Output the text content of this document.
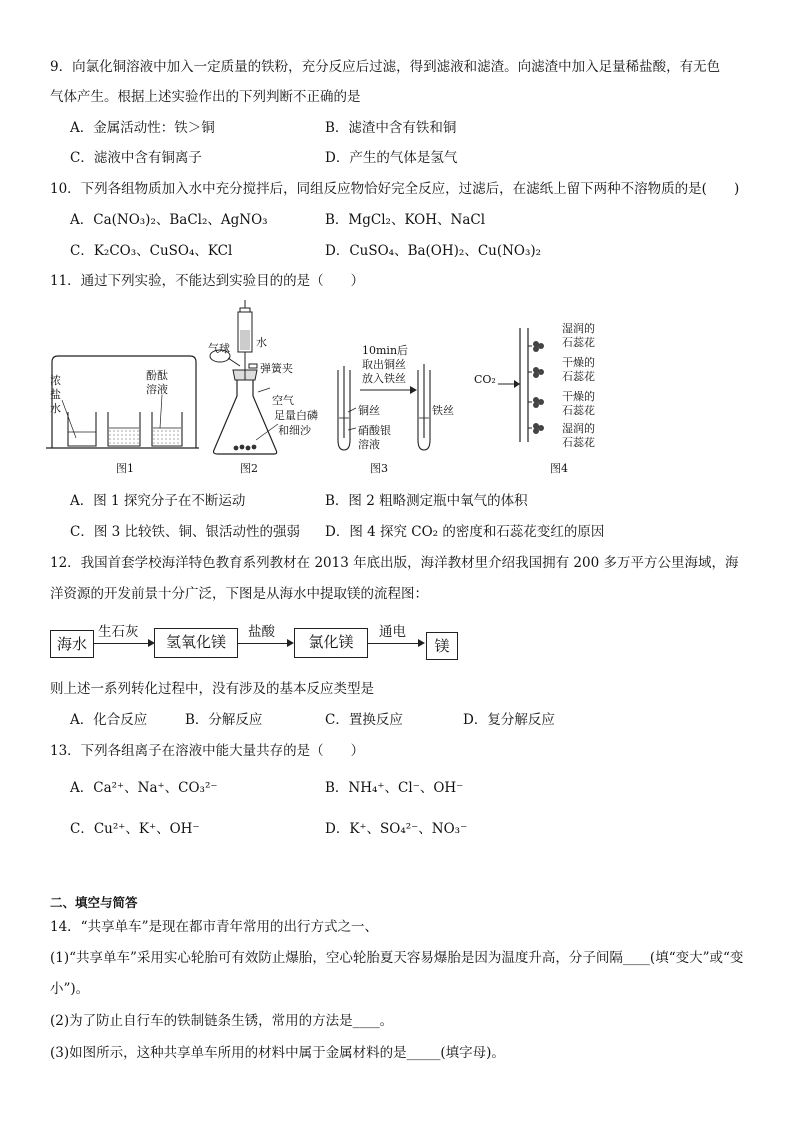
9．向氯化铜溶液中加入一定质量的铁粉，充分反应后过滤，得到滤液和滤渣。向滤渣中加入足量稀盐酸，有无色
气体产生。根据上述实验作出的下列判断不正确的是
A．金属活动性：铁＞铜	B．滤渣中含有铁和铜
C．滤液中含有铜离子	D．产生的气体是氢气
10．下列各组物质加入水中充分搅拌后，同组反应物恰好完全反应，过滤后，在滤纸上留下两种不溶物质的是(　　)
A．Ca(NO₃)₂、BaCl₂、AgNO₃	B．MgCl₂、KOH、NaCl
C．K₂CO₃、CuSO₄、KCl	D．CuSO₄、Ba(OH)₂、Cu(NO₃)₂
11．通过下列实验，不能达到实验目的的是（　　）
浓
盐
水
酚酞
溶液
图1
气球 水
弹簧夹
空气
足量白磷
和细沙
图2
10min后
取出铜丝
放入铁丝
铜丝
硝酸银
溶液
铁丝
图3
CO₂
湿润的
石蕊花
干燥的
石蕊花
干燥的
石蕊花
湿润的
石蕊花
图4
A．图 1 探究分子在不断运动	B．图 2 粗略测定瓶中氧气的体积
C．图 3 比较铁、铜、银活动性的强弱 D．图 4 探究 CO₂ 的密度和石蕊花变红的原因
12．我国首套学校海洋特色教育系列教材在 2013 年底出版，海洋教材里介绍我国拥有 200 多万平方公里海域，海
洋资源的开发前景十分广泛，下图是从海水中提取镁的流程图：
海水
生石灰
氢氧化镁
盐酸
氯化镁
通电
镁
则上述一系列转化过程中，没有涉及的基本反应类型是
A．化合反应	B．分解反应	C．置换反应	D．复分解反应
13．下列各组离子在溶液中能大量共存的是（　　）
A．Ca²⁺、Na⁺、CO₃²⁻	B．NH₄⁺、Cl⁻、OH⁻
C．Cu²⁺、K⁺、OH⁻	D．K⁺、SO₄²⁻、NO₃⁻
二、填空与简答
14．“共享单车”是现在都市青年常用的出行方式之一、
(1)“共享单车”采用实心轮胎可有效防止爆胎，空心轮胎夏天容易爆胎是因为温度升高，分子间隔____(填“变大”或“变
小”)。
(2)为了防止自行车的铁制链条生锈，常用的方法是____。
(3)如图所示，这种共享单车所用的材料中属于金属材料的是_____(填字母)。
